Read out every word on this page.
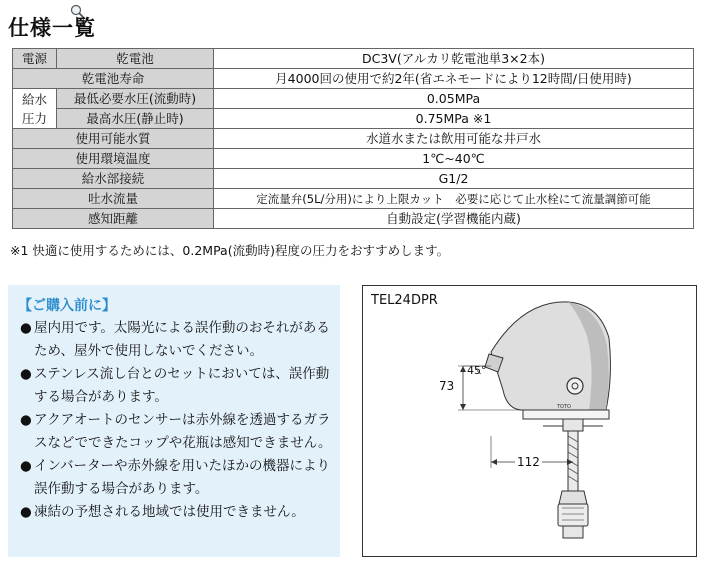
仕様一覧
電源	乾電池	DC3V(アルカリ乾電池単3×2本)
乾電池寿命		月4000回の使用で約2年(省エネモードにより12時間/日使用時)
給水圧力	最低必要水圧(流動時)	0.05MPa
	最高水圧(静止時)	0.75MPa ※1
使用可能水質		水道水または飲用可能な井戸水
使用環境温度		1℃~40℃
給水部接続		G1/2
吐水流量		定流量弁(5L/分用)により上限カット　必要に応じて止水栓にて流量調節可能
感知距離		自動設定(学習機能内蔵)
※1 快適に使用するためには、0.2MPa(流動時)程度の圧力をおすすめします。
【ご購入前に】
● 屋内用です。太陽光による誤作動のおそれがあるため、屋外で使用しないでください。
● ステンレス流し台とのセットにおいては、誤作動する場合があります。
● アクアオートのセンサーは赤外線を透過するガラスなどでできたコップや花瓶は感知できません。
● インバーターや赤外線を用いたほかの機器により誤作動する場合があります。
● 凍結の予想される地域では使用できません。
TEL24DPR
TOTO
73
45°
112
